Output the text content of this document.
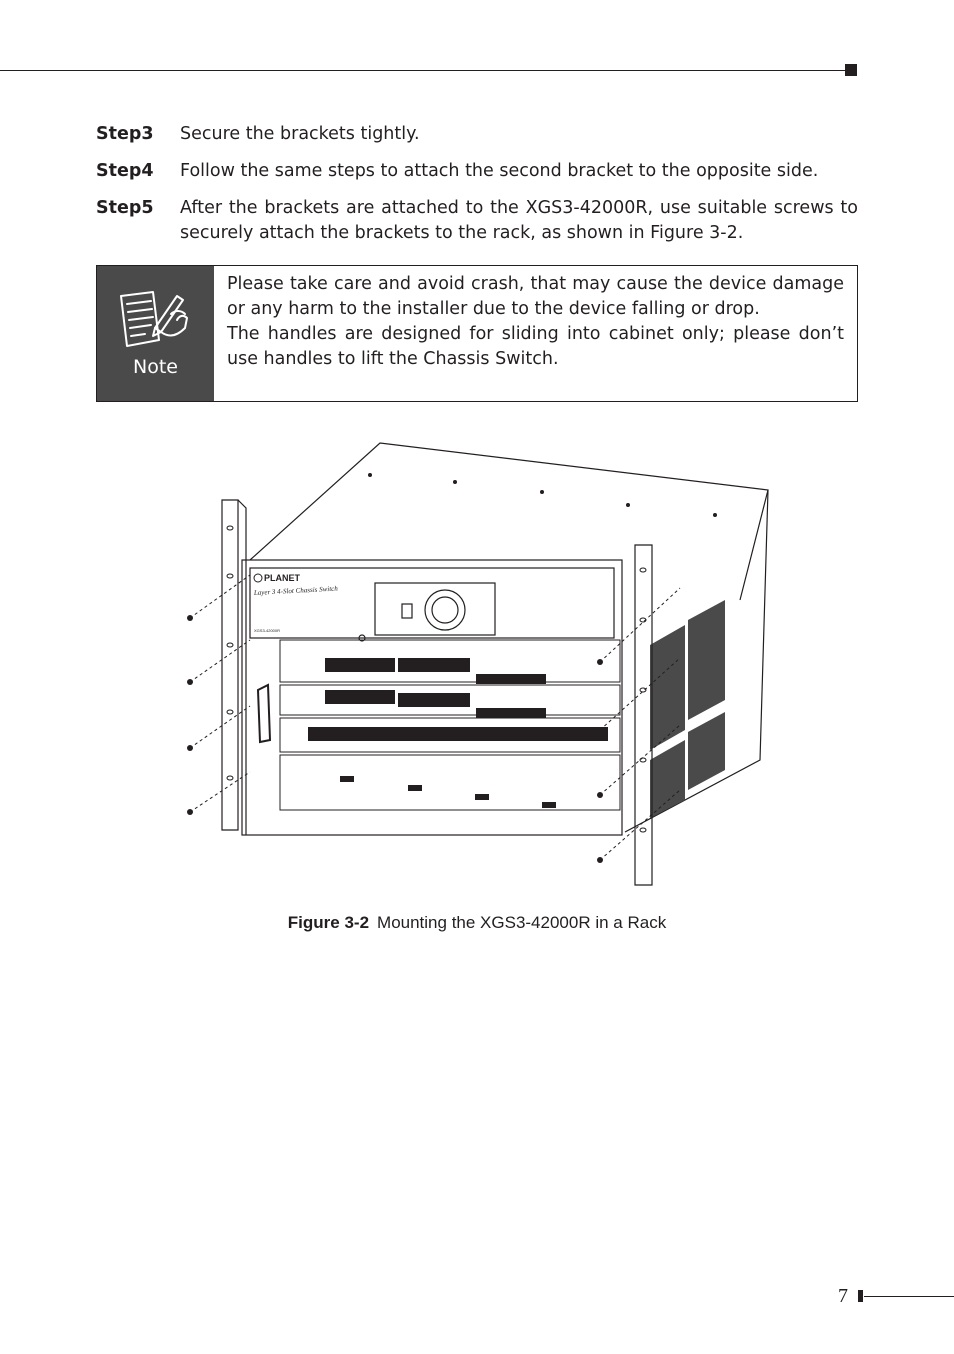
Step3	Secure the brackets tightly.
Step4	Follow the same steps to attach the second bracket to the opposite side.
Step5	After the brackets are attached to the XGS3-42000R, use suitable screws to securely attach the brackets to the rack, as shown in Figure 3-2.
Note

Please take care and avoid crash, that may cause the device damage or any harm to the installer due to the device falling or drop.

The handles are designed for sliding into cabinet only; please don’t use handles to lift the Chassis Switch.

PLANET
Layer 3 4-Slot Chassis Switch
XGS3-42000R
Figure 3-2 Mounting the XGS3-42000R in a Rack
7
